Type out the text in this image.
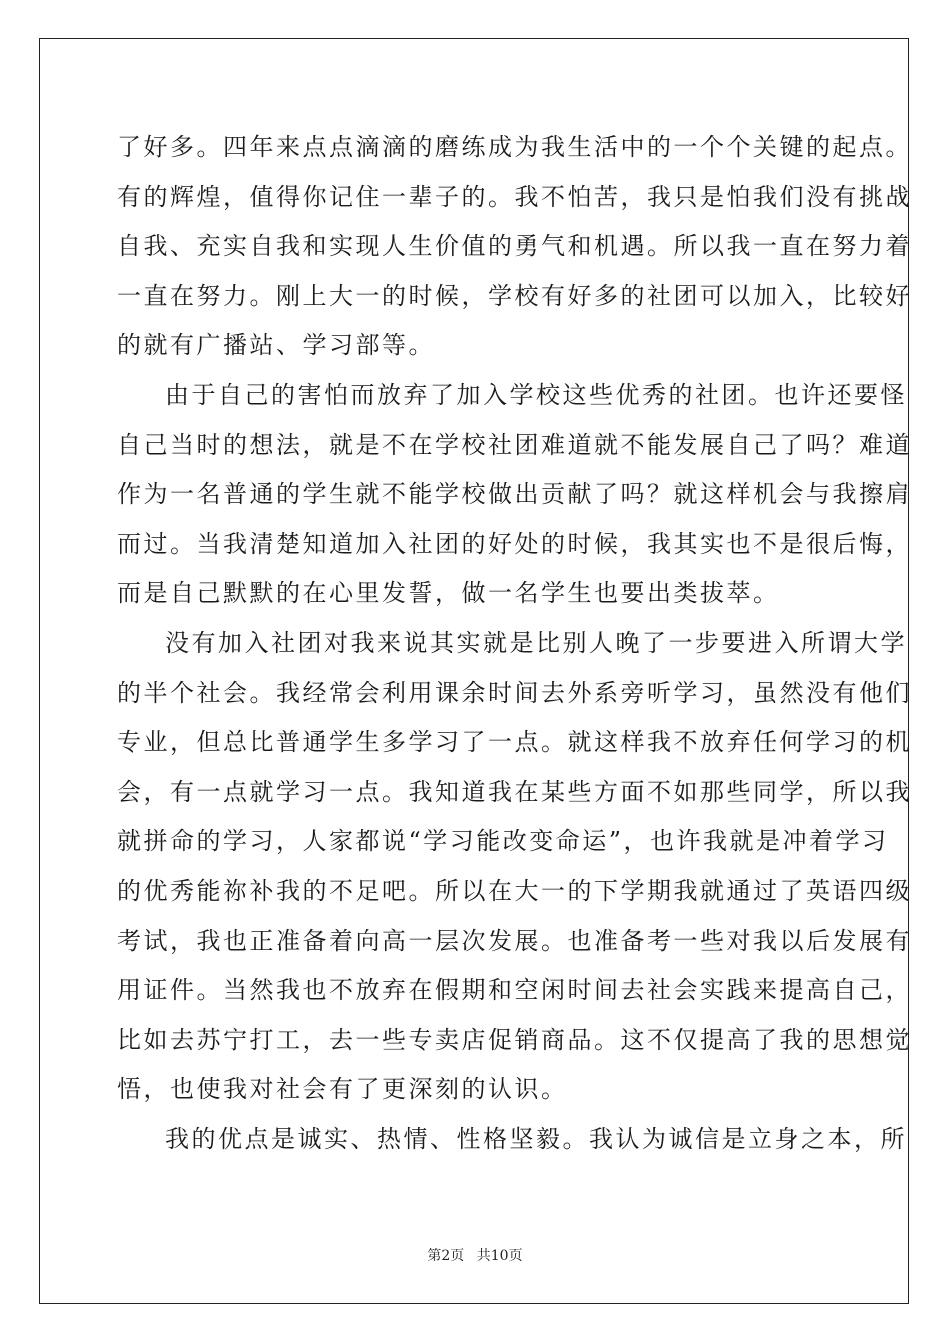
了好多。四年来点点滴滴的磨练成为我生活中的一个个关键的起点。
有的辉煌，值得你记住一辈子的。我不怕苦，我只是怕我们没有挑战
自我、充实自我和实现人生价值的勇气和机遇。所以我一直在努力着
一直在努力。刚上大一的时候，学校有好多的社团可以加入，比较好
的就有广播站、学习部等。
由于自己的害怕而放弃了加入学校这些优秀的社团。也许还要怪
自己当时的想法，就是不在学校社团难道就不能发展自己了吗？难道
作为一名普通的学生就不能学校做出贡献了吗？就这样机会与我擦肩
而过。当我清楚知道加入社团的好处的时候，我其实也不是很后悔，
而是自己默默的在心里发誓，做一名学生也要出类拔萃。
没有加入社团对我来说其实就是比别人晚了一步要进入所谓大学
的半个社会。我经常会利用课余时间去外系旁听学习，虽然没有他们
专业，但总比普通学生多学习了一点。就这样我不放弃任何学习的机
会，有一点就学习一点。我知道我在某些方面不如那些同学，所以我
就拼命的学习，人家都说“学习能改变命运”，也许我就是冲着学习
的优秀能祢补我的不足吧。所以在大一的下学期我就通过了英语四级
考试，我也正准备着向高一层次发展。也准备考一些对我以后发展有
用证件。当然我也不放弃在假期和空闲时间去社会实践来提高自己，
比如去苏宁打工，去一些专卖店促销商品。这不仅提高了我的思想觉
悟，也使我对社会有了更深刻的认识。
我的优点是诚实、热情、性格坚毅。我认为诚信是立身之本，所
第2页 共10页
